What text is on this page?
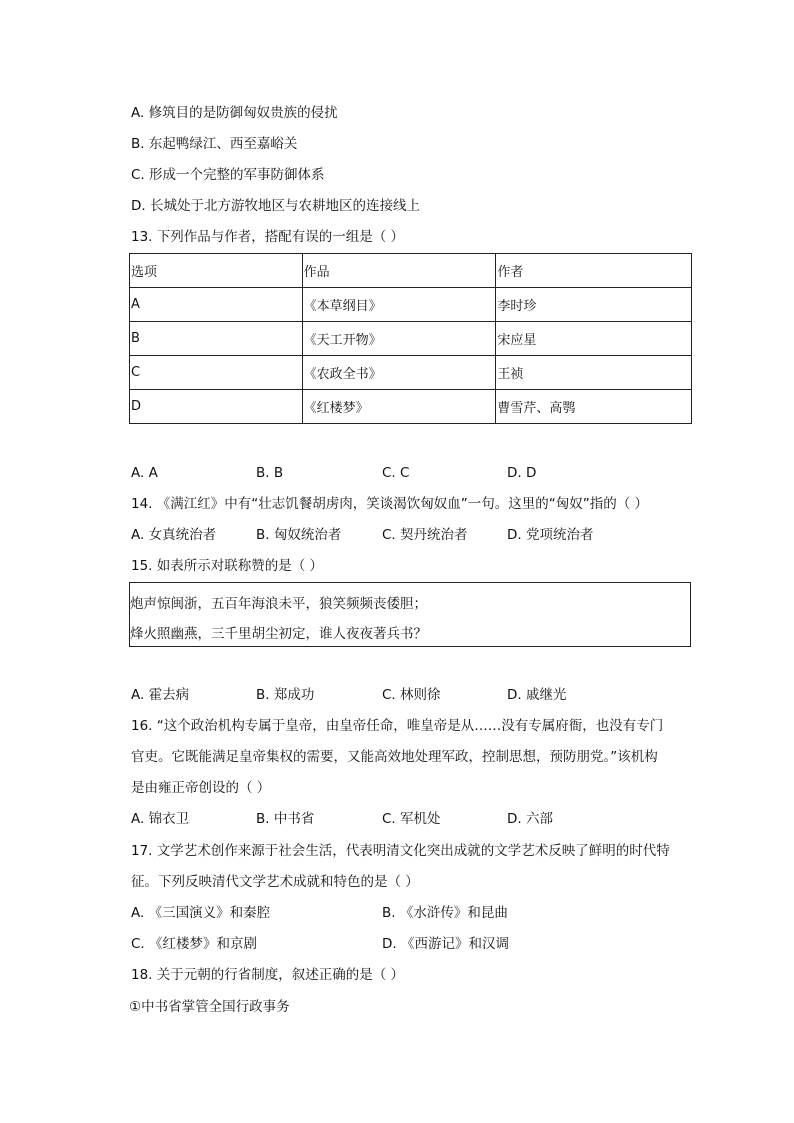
A. 修筑目的是防御匈奴贵族的侵扰
B. 东起鸭绿江、西至嘉峪关
C. 形成一个完整的军事防御体系
D. 长城处于北方游牧地区与农耕地区的连接线上
13. 下列作品与作者，搭配有误的一组是（ ）
选项	作品	作者
A	《本草纲目》	李时珍
B	《天工开物》	宋应星
C	《农政全书》	王祯
D	《红楼梦》	曹雪芹、高鹗
A. A	B. B	C. C	D. D
14. 《满江红》中有“壮志饥餐胡虏肉，笑谈渴饮匈奴血”一句。这里的“匈奴”指的（ ）
A. 女真统治者	B. 匈奴统治者	C. 契丹统治者	D. 党项统治者
15. 如表所示对联称赞的是（ ）
炮声惊闽浙，五百年海浪未平，狼笑频频丧倭胆；
烽火照幽燕，三千里胡尘初定，谁人夜夜著兵书？
A. 霍去病	B. 郑成功	C. 林则徐	D. 戚继光
16. “这个政治机构专属于皇帝，由皇帝任命，唯皇帝是从……没有专属府衙，也没有专门
官吏。它既能满足皇帝集权的需要，又能高效地处理军政，控制思想，预防朋党。”该机构
是由雍正帝创设的（ ）
A. 锦衣卫	B. 中书省	C. 军机处	D. 六部
17. 文学艺术创作来源于社会生活，代表明清文化突出成就的文学艺术反映了鲜明的时代特
征。下列反映清代文学艺术成就和特色的是（ ）
A. 《三国演义》和秦腔	B. 《水浒传》和昆曲
C. 《红楼梦》和京剧	D. 《西游记》和汉调
18. 关于元朝的行省制度，叙述正确的是（ ）
①中书省掌管全国行政事务
